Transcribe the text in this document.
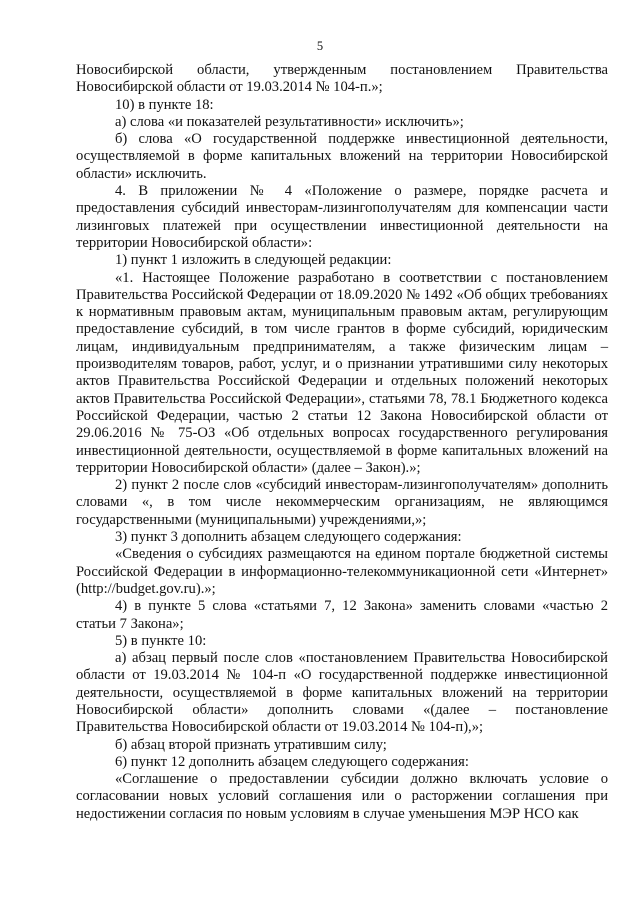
5

Новосибирской области, утвержденным постановлением Правительства Новосибирской области от 19.03.2014 № 104-п.»;

10) в пункте 18:

а) слова «и показателей результативности» исключить»;

б) слова «О государственной поддержке инвестиционной деятельности, осуществляемой в форме капитальных вложений на территории Новосибирской области» исключить.

4. В приложении № 4 «Положение о размере, порядке расчета и предоставления субсидий инвесторам-лизингополучателям для компенсации части лизинговых платежей при осуществлении инвестиционной деятельности на территории Новосибирской области»:

1) пункт 1 изложить в следующей редакции:

«1. Настоящее Положение разработано в соответствии с постановлением Правительства Российской Федерации от 18.09.2020 № 1492 «Об общих требованиях к нормативным правовым актам, муниципальным правовым актам, регулирующим предоставление субсидий, в том числе грантов в форме субсидий, юридическим лицам, индивидуальным предпринимателям, а также физическим лицам – производителям товаров, работ, услуг, и о признании утратившими силу некоторых актов Правительства Российской Федерации и отдельных положений некоторых актов Правительства Российской Федерации», статьями 78, 78.1 Бюджетного кодекса Российской Федерации, частью 2 статьи 12 Закона Новосибирской области от 29.06.2016 № 75-ОЗ «Об отдельных вопросах государственного регулирования инвестиционной деятельности, осуществляемой в форме капитальных вложений на территории Новосибирской области» (далее – Закон).»;

2) пункт 2 после слов «субсидий инвесторам-лизингополучателям» дополнить словами «, в том числе некоммерческим организациям, не являющимся государственными (муниципальными) учреждениями,»;

3) пункт 3 дополнить абзацем следующего содержания:

«Сведения о субсидиях размещаются на едином портале бюджетной системы Российской Федерации в информационно-телекоммуникационной сети «Интернет» (http://budget.gov.ru).»;

4) в пункте 5 слова «статьями 7, 12 Закона» заменить словами «частью 2 статьи 7 Закона»;

5) в пункте 10:

а) абзац первый после слов «постановлением Правительства Новосибирской области от 19.03.2014 № 104-п «О государственной поддержке инвестиционной деятельности, осуществляемой в форме капитальных вложений на территории Новосибирской области» дополнить словами «(далее – постановление Правительства Новосибирской области от 19.03.2014 № 104-п),»;

б) абзац второй признать утратившим силу;

6) пункт 12 дополнить абзацем следующего содержания:

«Соглашение о предоставлении субсидии должно включать условие о согласовании новых условий соглашения или о расторжении соглашения при недостижении согласия по новым условиям в случае уменьшения МЭР НСО как
